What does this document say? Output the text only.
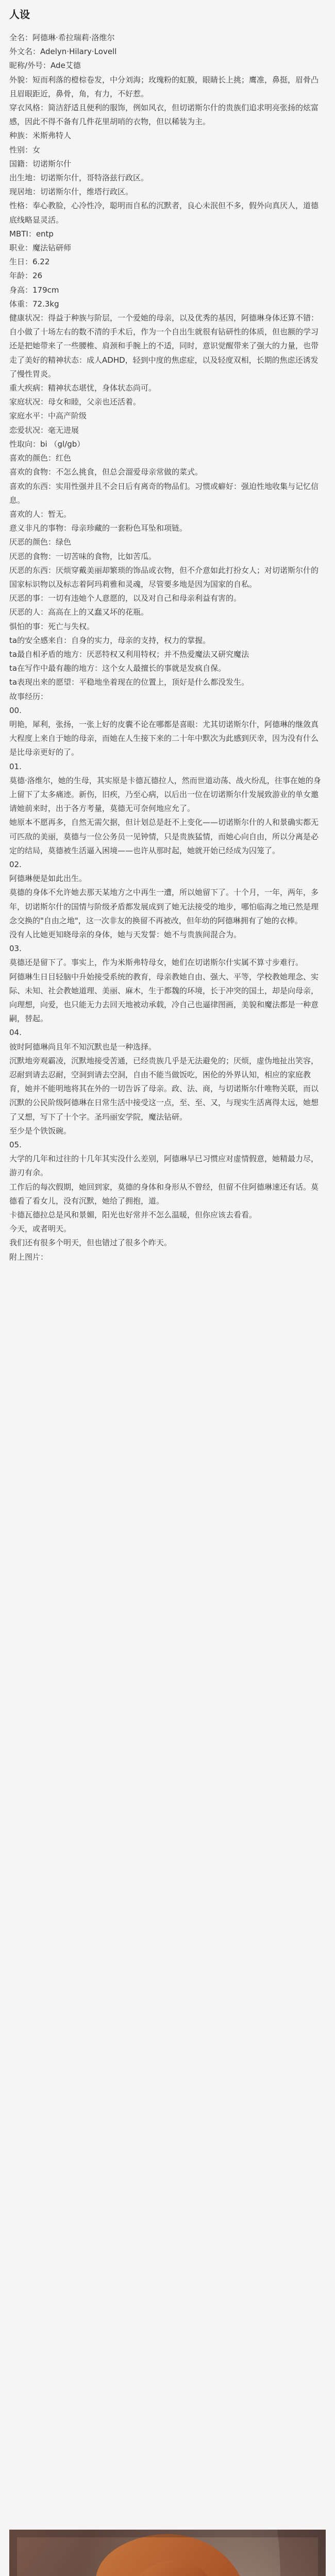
人设
全名：阿德琳·希拉瑞莉·洛维尔
外文名：Adelyn·Hilary·Lovell
昵称/外号：Ade艾德
外貌：短而利落的橙棕卷发，中分刘海；玫瑰粉的虹膜，眼睛长上挑；鹰准，鼻挺，眉骨凸且眉眼距近，鼻骨，角，有力，不好惹。
穿衣风格：简洁舒适且便利的服饰，例如风衣，但切诺斯尔什的贵族们追求明亮张扬的炫富感，因此不得不备有几件花里胡哨的衣物，但以稀装为主。
种族：米斯弗特人
性别：女
国籍：切诺斯尔什
出生地：切诺斯尔什，哥特洛兹行政区。
现居地：切诺斯尔什，维塔行政区。
性格：奉心教脸，心冷性冷，聪明而自私的沉默者，良心未泯但不多，假外向真厌人，道德底线略显灵活。
MBTI：entp
职业：魔法钻研师
生日：6.22
年龄：26
身高：179cm
体重：72.3kg
健康状况：得益于种族与阶层，一个爱她的母亲，以及优秀的基因，阿德琳身体还算不错：自小做了十场左右的数不清的手术后，作为一个自出生就很有钻研性的体质，但也额的学习还是把她带来了一些腰椎、肩颈和手腕上的不适，同时，意识觉醒带来了强大的力量，也带走了美好的精神状态：成人ADHD，轻到中度的焦虑症，以及轻度双相，长期的焦虑还诱发了慢性胃炎。
重大疾病：精神状态堪忧，身体状态尚可。
家庭状况：母女和睦，父亲也还活着。
家庭水平：中高产阶级
恋爱状况：毫无进展
性取向：bi （gl/gb）
喜欢的颜色：红色
喜欢的食物：不怎么挑食，但总会溜爱母亲常做的菜式。
喜欢的东西：实用性强并且不会日后有离奇的物品们。习惯或癖好：强迫性地收集与记忆信息。
喜欢的人：暂无。
意义非凡的事物：母亲珍藏的一套粉色耳坠和项链。
厌恶的颜色：绿色
厌恶的食物：一切苦味的食物，比如苦瓜。
厌恶的东西：厌烦穿戴美丽却繁琐的饰品或衣物，但不介意如此打扮女人；对切诺斯尔什的国家标识物以及标志着阿玛莉雅和灵魂，尽管要多地是因为国家的自私。
厌恶的事：一切有违她个人意愿的，以及对自己和母亲利益有害的。
厌恶的人：高高在上的又蠢又坏的花瓶。
惧怕的事：死亡与失权。
ta的安全感来自：自身的实力，母亲的支持，权力的掌握。
ta最自相矛盾的地方：厌恶特权又利用特权；并不热爱魔法又研究魔法
ta在写作中最有趣的地方：这个女人最擅长的事就是发疯自保。
ta表现出来的愿望：平稳地坐着现在的位置上，顶好是什么都没发生。
故事经历：
00.
明艳，犀利，张扬，一张上好的皮囊不论在哪都是喜眼：尤其切诺斯尔什，阿德琳的继敛真大程度上来自于她的母亲，而她在人生接下来的二十年中默次为此感到厌幸，因为没有什么是比母亲更好的了。
01.
莫德·洛维尔，她的生母，其实原是卡德瓦德拉人，然而世道动荡、战火纷乱，往事在她的身上留下了太多痛迹。新伤，旧疾，乃至心病，以后出一位在切诺斯尔什发展致游业的单女邀请她前来时，出于各方考量，莫德无可奈何地应允了。
她原本不愿再多，自然无需欠据，但计划总是赶不上变化——切诺斯尔什的人和景确实都无可匹敌的美丽，莫德与一位公务员一见钟情，只是贵族猛情，而她心向自由，所以分离是必定的结局，莫德被生活逼入困境——也许从那时起，她就开始已经成为囚笼了。
02.
阿德琳便是如此出生。
莫德的身体不允许她去那天某地方之中再生一遭，所以她留下了。十个月，一年，两年，多年，切诺斯尔什的国情与阶级矛盾都发展成到了她无法接受的地步，哪怕临海之地已然是理念交换的"自由之地"，这一次非友的换留不再被改，但年幼的阿德琳拥有了她的衣棒。
没有人比她更知晓母亲的身体，她与天发誓：她不与贵族间混合为。
03.
莫德还是留下了。事实上，作为米斯弗特母女，她们在切诺斯尔什实属不算寸步难行。
阿德琳生日目轻脑中升始接受系统的教育，母亲教她自由、强大、平等，学校教她理念、实际、未知、社会教她道理、美丽、麻木，生于都魏的环境，长于冲突的国土，却是向母亲，向理想，向爱，也只能无力去回天地被动承载，冷自己也逼律图画，美貌和魔法都是一种意嗣，替起。
04.
彼时阿德琳尚且年不知沉默也是一种选择。
沉默地旁观霸凌，沉默地接受苦通，已经贵族几乎是无法避免的；厌烦，虚伪地扯出笑容，忍耐到请去忍耐，空洞到请去空洞，自由不能当做饭吃，困伦的外界认知，相应的家庭教育，她并不能明地将其在外的一切告诉了母亲。政、法、商，与切诺斯尔什唯物关联，而以沉默的公民阶级阿德琳在日常生活中接受这一点，至、至、又，与现实生活离得太远，她想了又想，写下了十个字。圣玛丽安学院，魔法钻研。
至少是个铁饭碗。
05.
大学的几年和过往的十几年其实没什么差别，阿德琳早已习惯应对虚情假意，她精最力尽，游刃有余。
工作后的每次假期，她回到家，莫德的身体和身形从不曾经，但留不住阿德琳速还有话。莫德看了看女儿，没有沉默，她给了拥抱，道。
卡德瓦德拉总是风和景媚，阳光也好常并不怎么温暖，但你应该去看看。
今天，或者明天。
我们还有很多个明天，但也错过了很多个昨天。
附上图片：
